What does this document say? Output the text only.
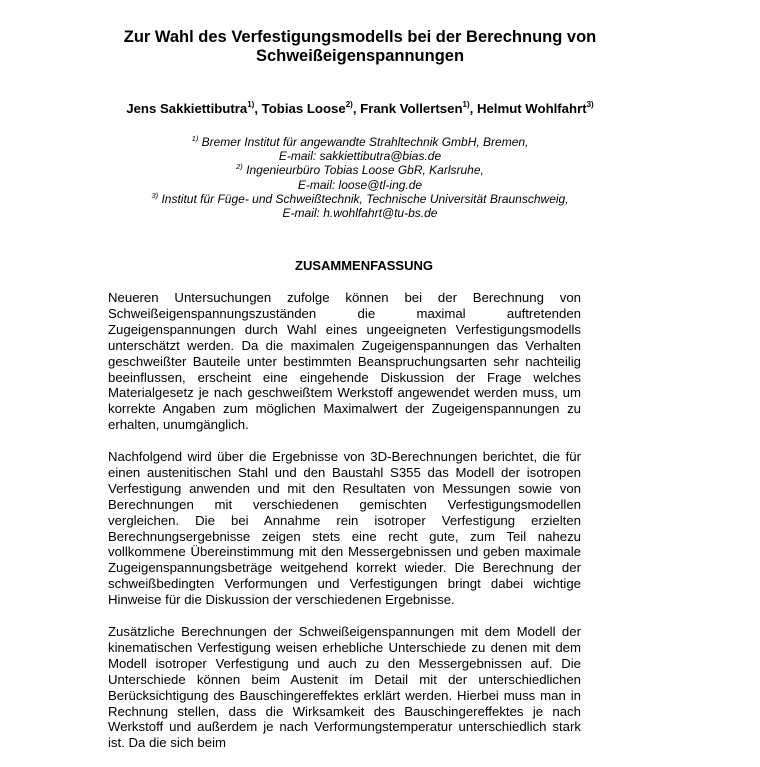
Zur Wahl des Verfestigungsmodells bei der Berechnung von
Schweißeigenspannungen
Jens Sakkiettibutra$^{1)}$, Tobias Loose$^{2)}$, Frank Vollertsen$^{1)}$, Helmut Wohlfahrt$^{3)}$
$^{1)}$ Bremer Institut für angewandte Strahltechnik GmbH, Bremen,
E-mail: sakkiettibutra@bias.de
$^{2)}$ Ingenieurbüro Tobias Loose GbR, Karlsruhe,
E-mail: loose@tl-ing.de
$^{3)}$ Institut für Füge- und Schweißtechnik, Technische Universität Braunschweig,
E-mail: h.wohlfahrt@tu-bs.de
ZUSAMMENFASSUNG

Neueren Untersuchungen zufolge können bei der Berechnung von Schweißeigenspannungszuständen die maximal auftretenden Zugeigenspannungen durch Wahl eines ungeeigneten Verfestigungsmodells unterschätzt werden. Da die maximalen Zugeigenspannungen das Verhalten geschweißter Bauteile unter bestimmten Beanspruchungsarten sehr nachteilig beeinflussen, erscheint eine eingehende Diskussion der Frage welches Materialgesetz je nach geschweißtem Werkstoff angewendet werden muss, um korrekte Angaben zum möglichen Maximalwert der Zugeigenspannungen zu erhalten, unumgänglich.

Nachfolgend wird über die Ergebnisse von 3D-Berechnungen berichtet, die für einen austenitischen Stahl und den Baustahl S355 das Modell der isotropen Verfestigung anwenden und mit den Resultaten von Messungen sowie von Berechnungen mit verschiedenen gemischten Verfestigungsmodellen vergleichen. Die bei Annahme rein isotroper Verfestigung erzielten Berechnungsergebnisse zeigen stets eine recht gute, zum Teil nahezu vollkommene Übereinstimmung mit den Messergebnissen und geben maximale Zugeigenspannungsbeträge weitgehend korrekt wieder. Die Berechnung der schweißbedingten Verformungen und Verfestigungen bringt dabei wichtige Hinweise für die Diskussion der verschiedenen Ergebnisse.

Zusätzliche Berechnungen der Schweißeigenspannungen mit dem Modell der kinematischen Verfestigung weisen erhebliche Unterschiede zu denen mit dem Modell isotroper Verfestigung und auch zu den Messergebnissen auf. Die Unterschiede können beim Austenit im Detail mit der unterschiedlichen Berücksichtigung des Bauschingereffektes erklärt werden. Hierbei muss man in Rechnung stellen, dass die Wirksamkeit des Bauschingereffektes je nach Werkstoff und außerdem je nach Verformungstemperatur unterschiedlich stark ist. Da die sich beim
